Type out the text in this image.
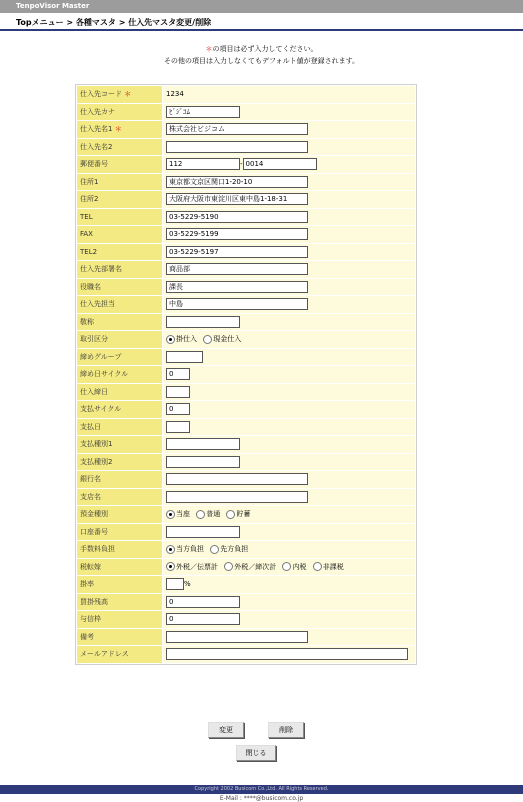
TenpoVisor Master
Topメニュー > 各種マスタ > 仕入先マスタ変更/削除
＊の項目は必ず入力してください。
その他の項目は入力しなくてもデフォルト値が登録されます。
仕入先コード ＊	1234
仕入先カナ	ﾋﾞｼﾞｺﾑ
仕入先名1 ＊	株式会社ビジコム
仕入先名2	
郵便番号	112 - 0014
住所1	東京都文京区関口1-20-10
住所2	大阪府大阪市東淀川区東中島1-18-31
TEL	03-5229-5190
FAX	03-5229-5199
TEL2	03-5229-5197
仕入先部署名	商品部
役職名	課長
仕入先担当	中島
敬称	
取引区分	掛仕入 現金仕入
締めグループ	
締め日サイクル	0
仕入締日	
支払サイクル	0
支払日	
支払種別1	
支払種別2	
銀行名	
支店名	
預金種別	当座 普通 貯蓄
口座番号	
手数料負担	当方負担 先方負担
税転嫁	外税／伝票計 外税／締次計 内税 非課税
掛率	%
買掛残高	0
与信枠	0
備考	
メールアドレス	
変更	削除
閉じる
Copyright 2002 Busicom Co.,Ltd. All Rights Reserved.
E-Mail : ****@busicom.co.jp
